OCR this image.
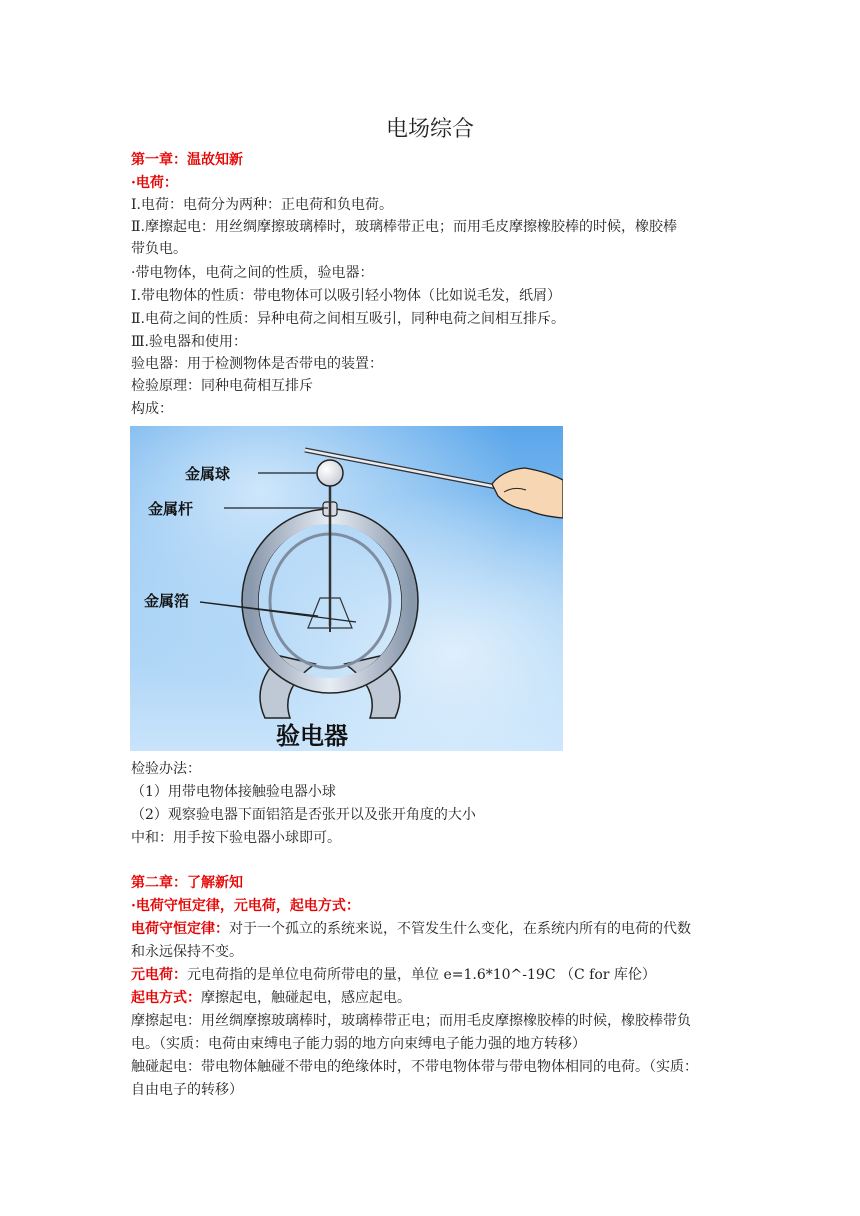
电场综合
第一章：温故知新
·电荷：
Ⅰ.电荷：电荷分为两种：正电荷和负电荷。
Ⅱ.摩擦起电：用丝绸摩擦玻璃棒时，玻璃棒带正电；而用毛皮摩擦橡胶棒的时候，橡胶棒
带负电。
·带电物体，电荷之间的性质，验电器：
Ⅰ.带电物体的性质：带电物体可以吸引轻小物体（比如说毛发，纸屑）
Ⅱ.电荷之间的性质：异种电荷之间相互吸引，同种电荷之间相互排斥。
Ⅲ.验电器和使用：
验电器：用于检测物体是否带电的装置：
检验原理：同种电荷相互排斥
构成：
金属球
金属杆
金属箔
验电器
检验办法：
（1）用带电物体接触验电器小球
（2）观察验电器下面铝箔是否张开以及张开角度的大小
中和：用手按下验电器小球即可。
第二章：了解新知
·电荷守恒定律，元电荷，起电方式：
电荷守恒定律：对于一个孤立的系统来说，不管发生什么变化，在系统内所有的电荷的代数
和永远保持不变。
元电荷：元电荷指的是单位电荷所带电的量，单位 e=1.6*10^-19C （C for 库伦）
起电方式：摩擦起电，触碰起电，感应起电。
摩擦起电：用丝绸摩擦玻璃棒时，玻璃棒带正电；而用毛皮摩擦橡胶棒的时候，橡胶棒带负
电。（实质：电荷由束缚电子能力弱的地方向束缚电子能力强的地方转移）
触碰起电：带电物体触碰不带电的绝缘体时，不带电物体带与带电物体相同的电荷。（实质：
自由电子的转移）
